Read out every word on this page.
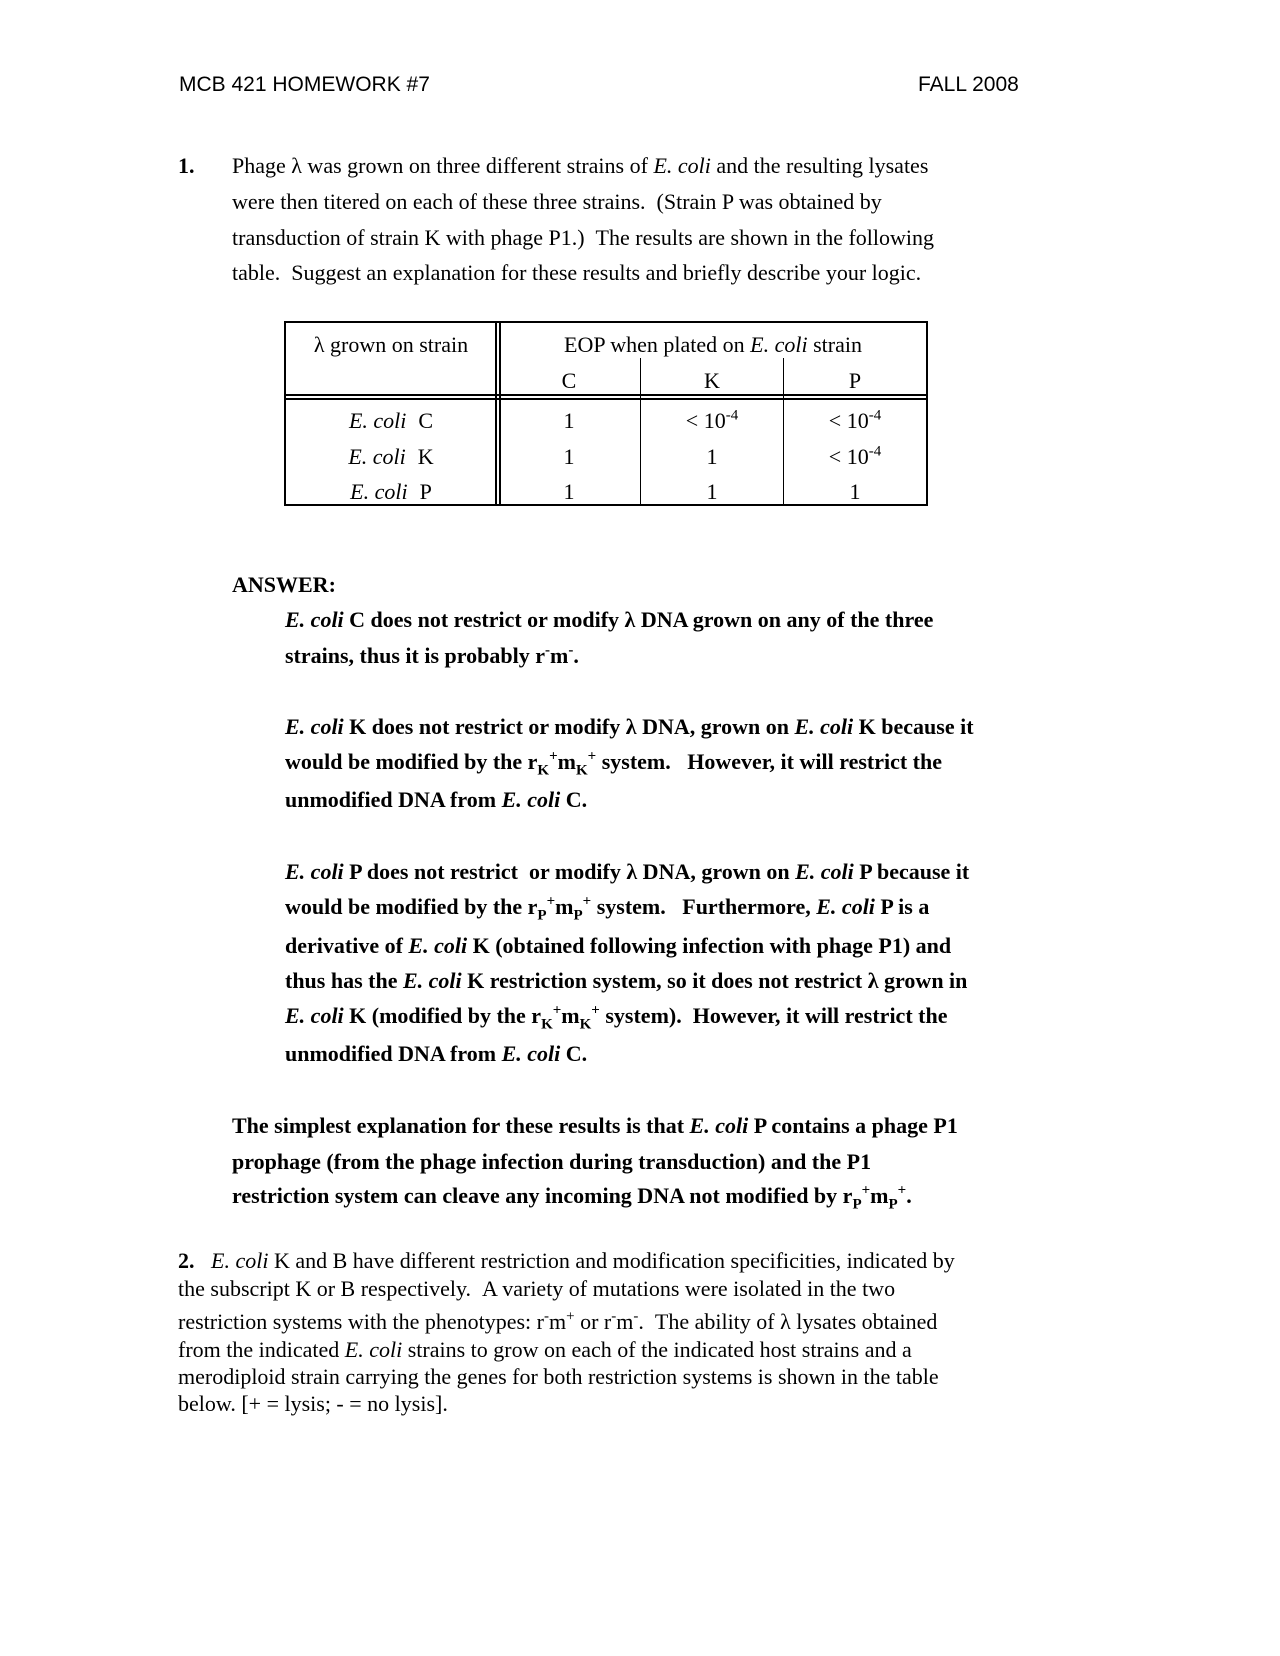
MCB 421 HOMEWORK #7	FALL 2008
1. Phage λ was grown on three different strains of E. coli and the resulting lysates
were then titered on each of these three strains.  (Strain P was obtained by
transduction of strain K with phage P1.)  The results are shown in the following
table.  Suggest an explanation for these results and briefly describe your logic.
λ grown on strain	EOP when plated on E. coli strain
C	K	P
E. coli C	1	< $10^{-4}$	< $10^{-4}$
E. coli K	1	1	< $10^{-4}$
E. coli P	1	1	1
ANSWER:
E. coli C does not restrict or modify λ DNA grown on any of the three
strains, thus it is probably r-m-.
E. coli K does not restrict or modify λ DNA, grown on E. coli K because it
would be modified by the $r_K^+m_K^+$ system.   However, it will restrict the
unmodified DNA from E. coli C.
E. coli P does not restrict  or modify λ DNA, grown on E. coli P because it
would be modified by the $r_P^+m_P^+$ system.   Furthermore, E. coli P is a
derivative of E. coli K (obtained following infection with phage P1) and
thus has the E. coli K restriction system, so it does not restrict λ grown in
E. coli K (modified by the $r_K^+m_K^+$ system).  However, it will restrict the
unmodified DNA from E. coli C.
The simplest explanation for these results is that E. coli P contains a phage P1
prophage (from the phage infection during transduction) and the P1
restriction system can cleave any incoming DNA not modified by $r_P^+m_P^+$.
2. E. coli K and B have different restriction and modification specificities, indicated by
the subscript K or B respectively.  A variety of mutations were isolated in the two
restriction systems with the phenotypes: r-m+ or r-m-.  The ability of λ lysates obtained
from the indicated E. coli strains to grow on each of the indicated host strains and a
merodiploid strain carrying the genes for both restriction systems is shown in the table
below. [+ = lysis; - = no lysis].
